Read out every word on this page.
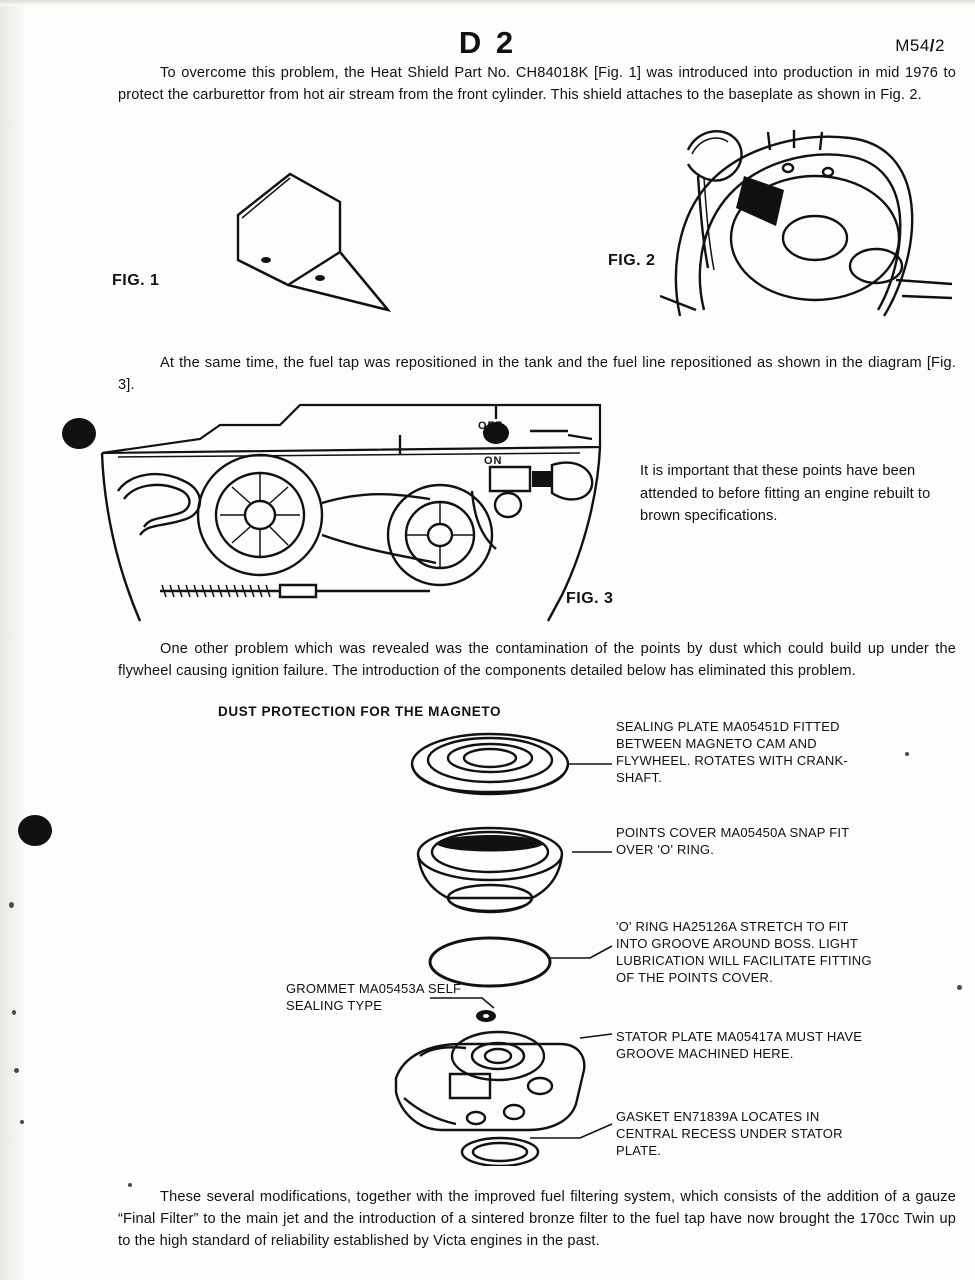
D 2	M54/2

To overcome this problem, the Heat Shield Part No. CH84018K [Fig. 1] was introduced into production in mid 1976 to protect the carburettor from hot air stream from the front cylinder. This shield attaches to the baseplate as shown in Fig. 2.

FIG. 1
FIG. 2

At the same time, the fuel tap was repositioned in the tank and the fuel line repositioned as shown in the diagram [Fig. 3].

OFF
ON
FIG. 3
It is important that these points have been attended to before fitting an engine rebuilt to brown specifications.

One other problem which was revealed was the contamination of the points by dust which could build up under the flywheel causing ignition failure. The introduction of the components detailed below has eliminated this problem.

DUST PROTECTION FOR THE MAGNETO
SEALING PLATE MA05451D FITTED BETWEEN MAGNETO CAM AND FLYWHEEL. ROTATES WITH CRANK-SHAFT.
POINTS COVER MA05450A SNAP FIT OVER 'O' RING.
'O' RING HA25126A STRETCH TO FIT INTO GROOVE AROUND BOSS. LIGHT LUBRICATION WILL FACILITATE FITTING OF THE POINTS COVER.
GROMMET MA05453A SELF SEALING TYPE
STATOR PLATE MA05417A MUST HAVE GROOVE MACHINED HERE.
GASKET EN71839A LOCATES IN CENTRAL RECESS UNDER STATOR PLATE.

These several modifications, together with the improved fuel filtering system, which consists of the addition of a gauze “Final Filter” to the main jet and the introduction of a sintered bronze filter to the fuel tap have now brought the 170cc Twin up to the high standard of reliability established by Victa engines in the past.
